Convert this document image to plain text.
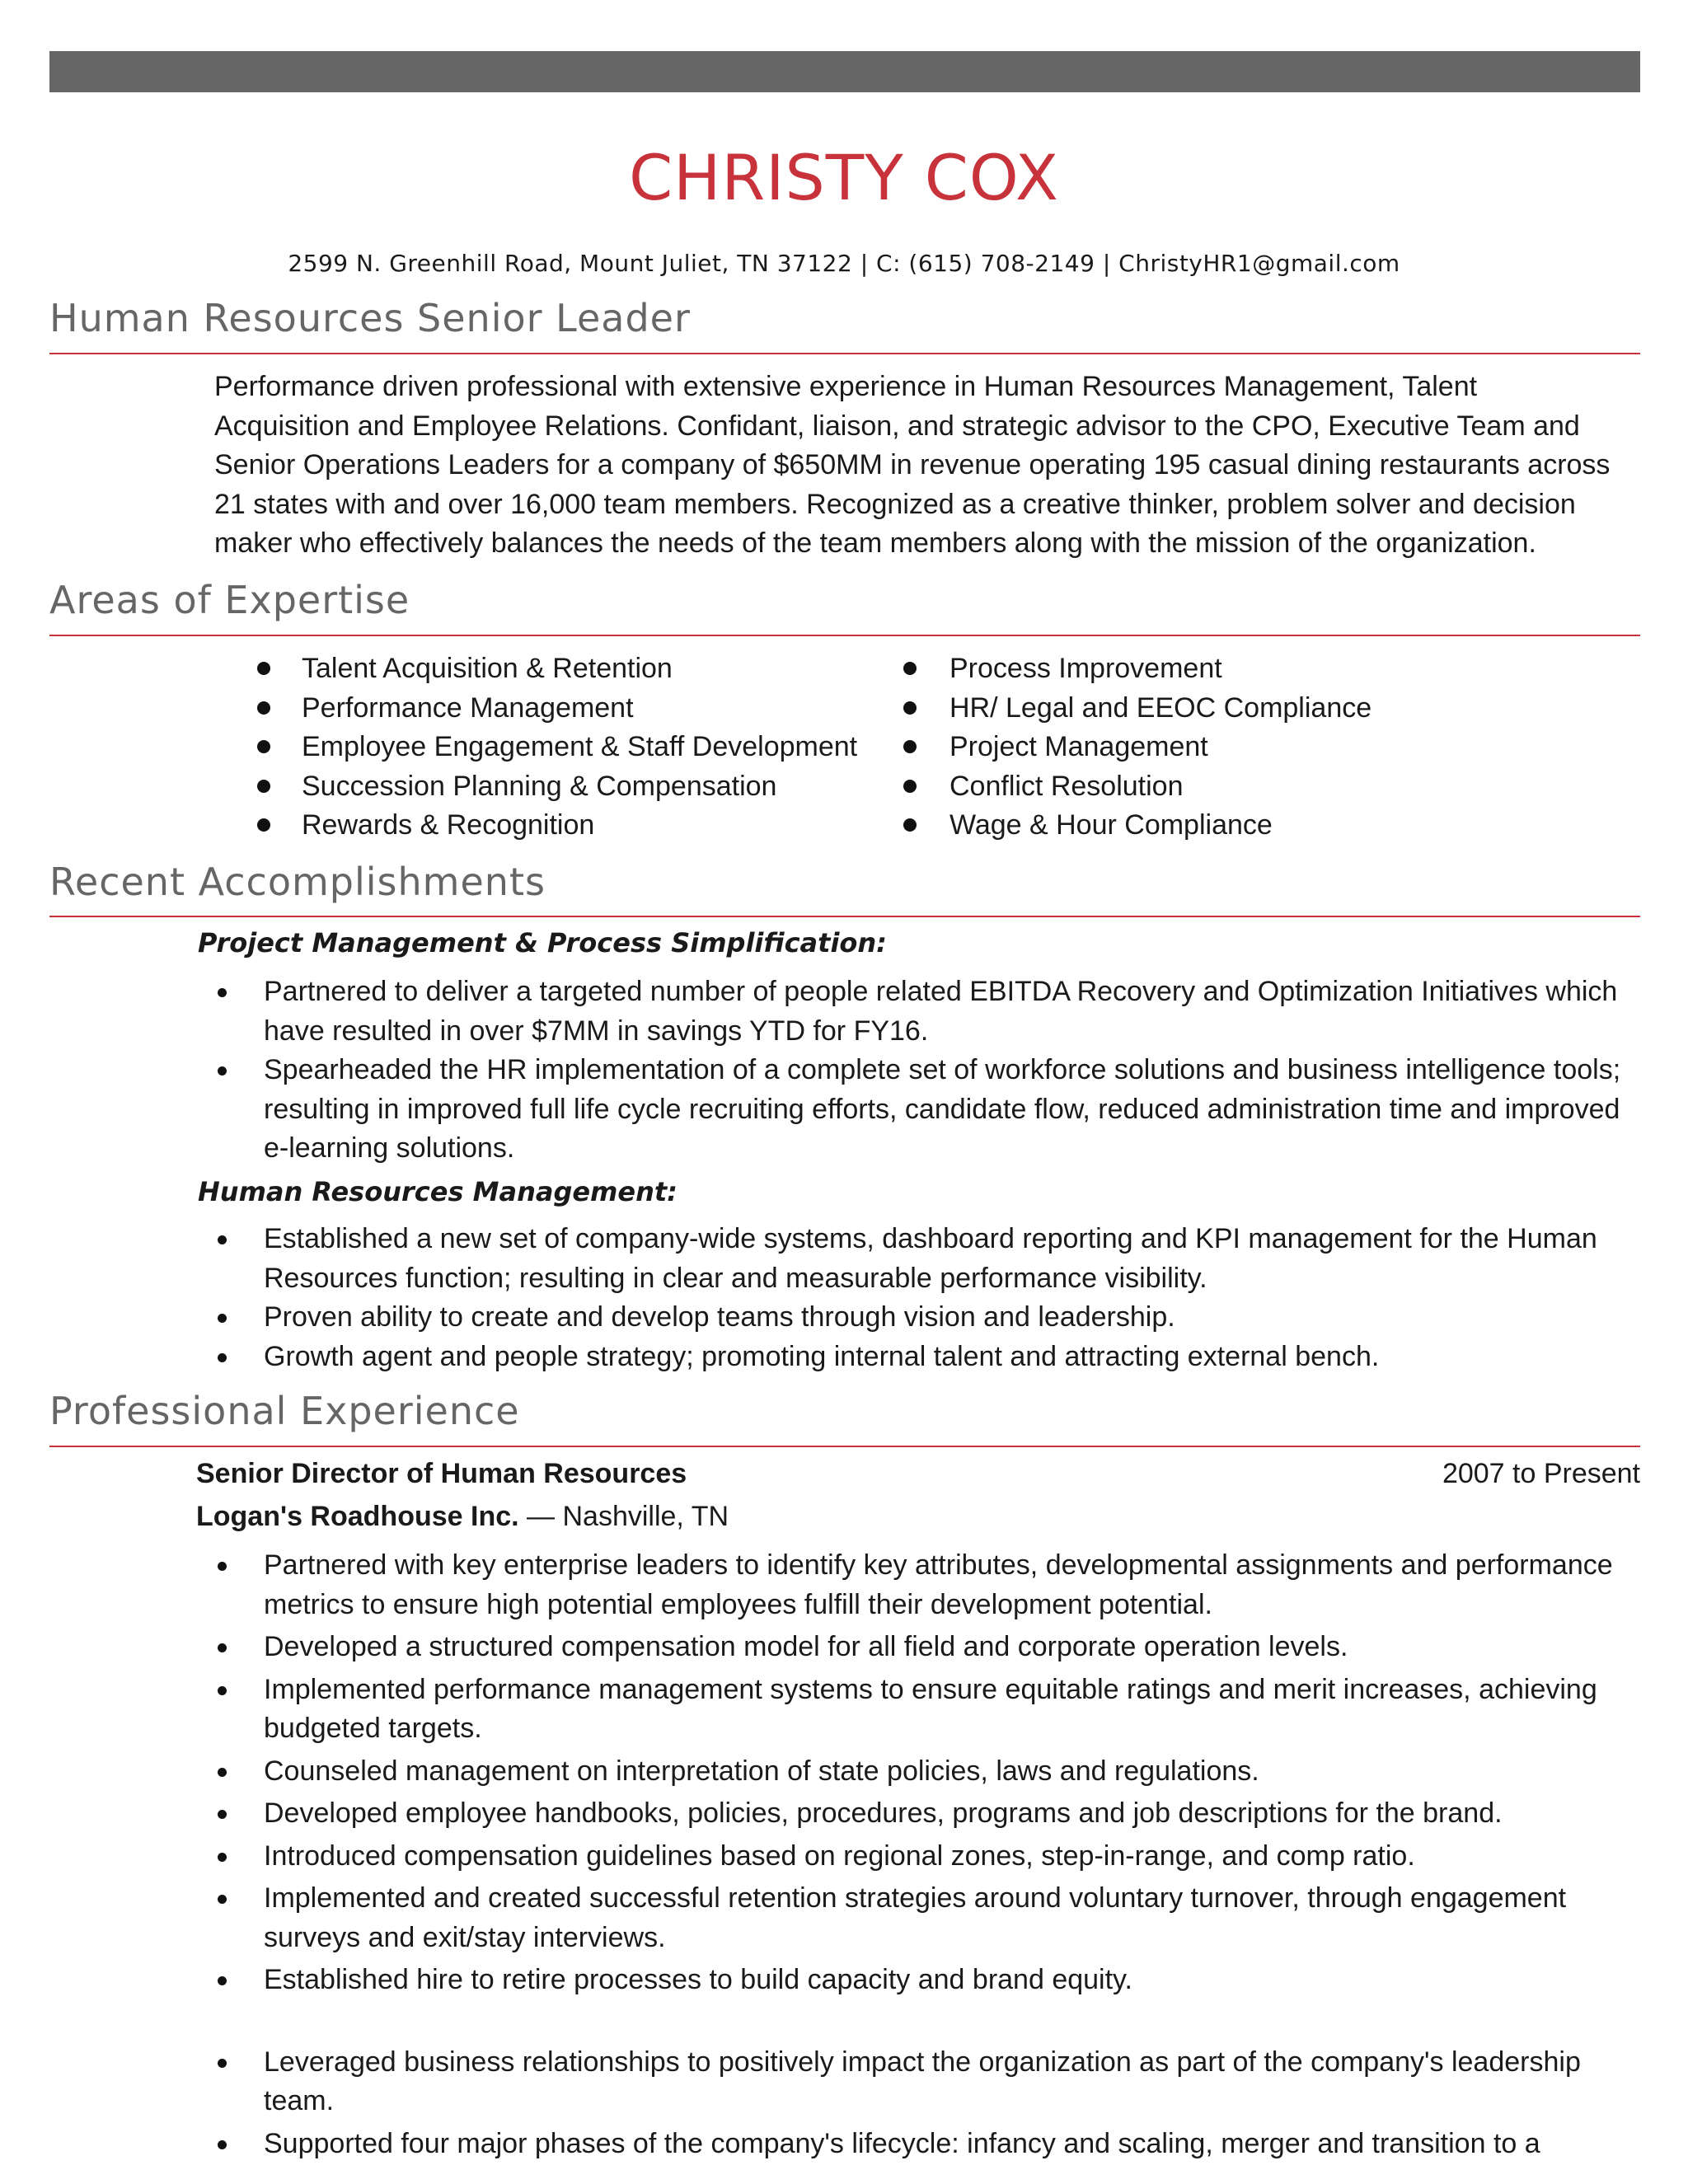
CHRISTY COX
2599 N. Greenhill Road, Mount Juliet, TN 37122 | C: (615) 708-2149 | ChristyHR1@gmail.com
Human Resources Senior Leader
Performance driven professional with extensive experience in Human Resources Management, Talent Acquisition and Employee Relations. Confidant, liaison, and strategic advisor to the CPO, Executive Team and Senior Operations Leaders for a company of $650MM in revenue operating 195 casual dining restaurants across 21 states with and over 16,000 team members. Recognized as a creative thinker, problem solver and decision maker who effectively balances the needs of the team members along with the mission of the organization.
Areas of Expertise
Talent Acquisition & Retention
Performance Management
Employee Engagement & Staff Development
Succession Planning & Compensation
Rewards & Recognition
Process Improvement
HR/ Legal and EEOC Compliance
Project Management
Conflict Resolution
Wage & Hour Compliance
Recent Accomplishments
Project Management & Process Simplification:
Partnered to deliver a targeted number of people related EBITDA Recovery and Optimization Initiatives which have resulted in over $7MM in savings YTD for FY16.
Spearheaded the HR implementation of a complete set of workforce solutions and business intelligence tools; resulting in improved full life cycle recruiting efforts, candidate flow, reduced administration time and improved e-learning solutions.
Human Resources Management:
Established a new set of company-wide systems, dashboard reporting and KPI management for the Human Resources function; resulting in clear and measurable performance visibility.
Proven ability to create and develop teams through vision and leadership.
Growth agent and people strategy; promoting internal talent and attracting external bench.
Professional Experience
Senior Director of Human Resources	2007 to Present
Logan's Roadhouse Inc. — Nashville, TN
Partnered with key enterprise leaders to identify key attributes, developmental assignments and performance metrics to ensure high potential employees fulfill their development potential.
Developed a structured compensation model for all field and corporate operation levels.
Implemented performance management systems to ensure equitable ratings and merit increases, achieving budgeted targets.
Counseled management on interpretation of state policies, laws and regulations.
Developed employee handbooks, policies, procedures, programs and job descriptions for the brand.
Introduced compensation guidelines based on regional zones, step-in-range, and comp ratio.
Implemented and created successful retention strategies around voluntary turnover, through engagement surveys and exit/stay interviews.
Established hire to retire processes to build capacity and brand equity.
Leveraged business relationships to positively impact the organization as part of the company's leadership team.
Supported four major phases of the company's lifecycle: infancy and scaling, merger and transition to a
